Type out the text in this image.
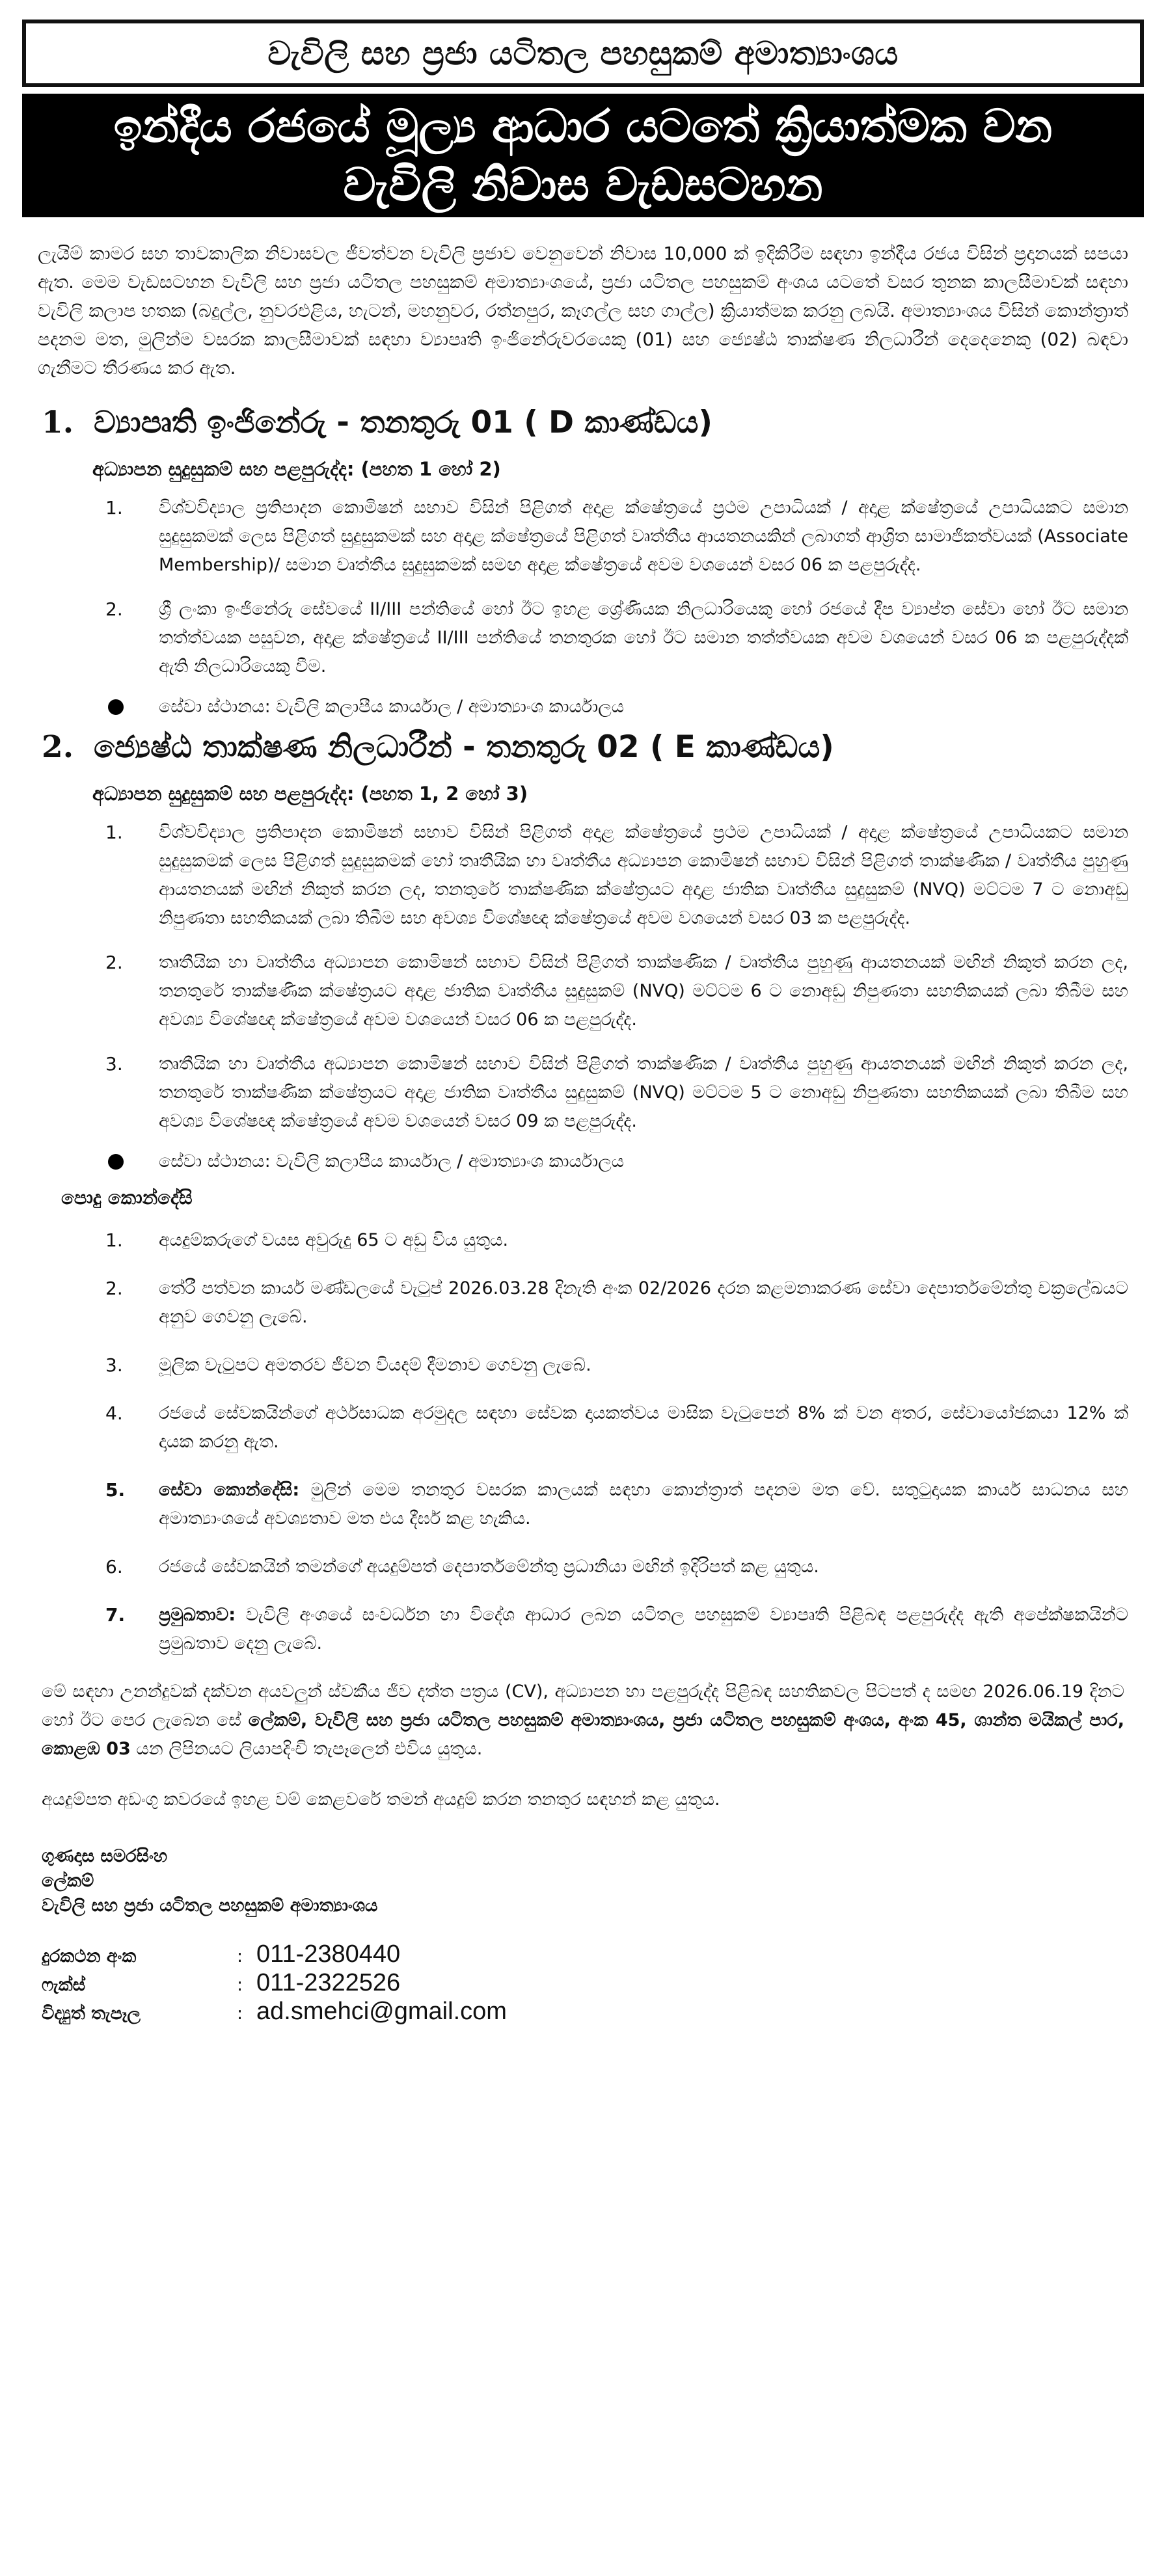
වැවිලි සහ ප්‍රජා යටිතල පහසුකම් අමාත්‍යාංශය
ඉන්දීය රජයේ මූල්‍ය ආධාර යටතේ ක්‍රියාත්මක වන
වැවිලි නිවාස වැඩසටහන
ලැයිම් කාමර සහ තාවකාලික නිවාසවල ජීවත්වන වැවිලි ප්‍රජාව වෙනුවෙන් නිවාස 10,000 ක් ඉදිකිරීම සඳහා ඉන්දීය රජය විසින් ප්‍රදානයක් සපයා ඇත. මෙම වැඩසටහන වැවිලි සහ ප්‍රජා යටිතල පහසුකම් අමාත්‍යාංශයේ, ප්‍රජා යටිතල පහසුකම් අංශය යටතේ වසර තුනක කාලසීමාවක් සඳහා වැවිලි කලාප හතක (බදුල්ල, නුවරඑළිය, හැටන්, මහනුවර, රත්නපුර, කෑගල්ල සහ ගාල්ල) ක්‍රියාත්මක කරනු ලබයි. අමාත්‍යාංශය විසින් කොන්ත්‍රාත් පදනම මත, මුලින්ම වසරක කාලසීමාවක් සඳහා ව්‍යාපෘති ඉංජිනේරුවරයෙකු (01) සහ ජ්‍යෙෂ්ඨ තාක්ෂණ නිලධාරීන් දෙදෙනෙකු (02) බඳවා ගැනීමට තීරණය කර ඇත.
1. ව්‍යාපෘති ඉංජිනේරු - තනතුරු 01 ( D කාණ්ඩය)
අධ්‍යාපන සුදුසුකම් සහ පළපුරුද්ද: (පහත 1 හෝ 2)
1.	විශ්වවිද්‍යාල ප්‍රතිපාදන කොමිෂන් සභාව විසින් පිළිගත් අදාළ ක්ෂේත්‍රයේ ප්‍රථම උපාධියක් / අදාළ ක්ෂේත්‍රයේ උපාධියකට සමාන සුදුසුකමක් ලෙස පිළිගත් සුදුසුකමක් සහ අදාළ ක්ෂේත්‍රයේ පිළිගත් වෘත්තීය ආයතනයකින් ලබාගත් ආශ්‍රිත සාමාජිකත්වයක් (Associate Membership)/ සමාන වෘත්තීය සුදුසුකමක් සමඟ අදාළ ක්ෂේත්‍රයේ අවම වශයෙන් වසර 06 ක පළපුරුද්ද.
2.	ශ්‍රී ලංකා ඉංජිනේරු සේවයේ II/III පන්තියේ හෝ ඊට ඉහළ ශ්‍රේණියක නිලධාරියෙකු හෝ රජයේ දීප ව්‍යාප්ත සේවා හෝ ඊට සමාන තත්ත්වයක පසුවන, අදාළ ක්ෂේත්‍රයේ II/III පන්තියේ තනතුරක හෝ ඊට සමාන තත්ත්වයක අවම වශයෙන් වසර 06 ක පළපුරුද්දක් ඇති නිලධාරියෙකු වීම.
සේවා ස්ථානය: වැවිලි කලාපීය කාර්යාල / අමාත්‍යාංශ කාර්යාලය
2. ජ්‍යෙෂ්ඨ තාක්ෂණ නිලධාරීන් - තනතුරු 02 ( E කාණ්ඩය)
අධ්‍යාපන සුදුසුකම් සහ පළපුරුද්ද: (පහත 1, 2 හෝ 3)
1.	විශ්වවිද්‍යාල ප්‍රතිපාදන කොමිෂන් සභාව විසින් පිළිගත් අදාළ ක්ෂේත්‍රයේ ප්‍රථම උපාධියක් / අදාළ ක්ෂේත්‍රයේ උපාධියකට සමාන සුදුසුකමක් ලෙස පිළිගත් සුදුසුකමක් හෝ තෘතීයික හා වෘත්තීය අධ්‍යාපන කොමිෂන් සභාව විසින් පිළිගත් තාක්ෂණික / වෘත්තීය පුහුණු ආයතනයක් මඟින් නිකුත් කරන ලද, තනතුරේ තාක්ෂණික ක්ෂේත්‍රයට අදාළ ජාතික වෘත්තීය සුදුසුකම් (NVQ) මට්ටම 7 ට නොඅඩු නිපුණතා සහතිකයක් ලබා තිබීම සහ අවශ්‍ය විශේෂඥ ක්ෂේත්‍රයේ අවම වශයෙන් වසර 03 ක පළපුරුද්ද.
2.	තෘතීයික හා වෘත්තීය අධ්‍යාපන කොමිෂන් සභාව විසින් පිළිගත් තාක්ෂණික / වෘත්තීය පුහුණු ආයතනයක් මඟින් නිකුත් කරන ලද, තනතුරේ තාක්ෂණික ක්ෂේත්‍රයට අදාළ ජාතික වෘත්තීය සුදුසුකම් (NVQ) මට්ටම 6 ට නොඅඩු නිපුණතා සහතිකයක් ලබා තිබීම සහ අවශ්‍ය විශේෂඥ ක්ෂේත්‍රයේ අවම වශයෙන් වසර 06 ක පළපුරුද්ද.
3.	තෘතීයික හා වෘත්තීය අධ්‍යාපන කොමිෂන් සභාව විසින් පිළිගත් තාක්ෂණික / වෘත්තීය පුහුණු ආයතනයක් මඟින් නිකුත් කරන ලද, තනතුරේ තාක්ෂණික ක්ෂේත්‍රයට අදාළ ජාතික වෘත්තීය සුදුසුකම් (NVQ) මට්ටම 5 ට නොඅඩු නිපුණතා සහතිකයක් ලබා තිබීම සහ අවශ්‍ය විශේෂඥ ක්ෂේත්‍රයේ අවම වශයෙන් වසර 09 ක පළපුරුද්ද.
සේවා ස්ථානය: වැවිලි කලාපීය කාර්යාල / අමාත්‍යාංශ කාර්යාලය
පොදු කොන්දේසි
1.	අයදුම්කරුගේ වයස අවුරුදු 65 ට අඩු විය යුතුය.
2.	තේරී පත්වන කාර්ය මණ්ඩලයේ වැටුප් 2026.03.28 දිනැති අංක 02/2026 දරන කළමනාකරණ සේවා දෙපාර්තමේන්තු චක්‍රලේඛයට අනුව ගෙවනු ලැබේ.
3.	මූලික වැටුපට අමතරව ජීවන වියදම් දීමනාව ගෙවනු ලැබේ.
4.	රජයේ සේවකයින්ගේ අර්ථසාධක අරමුදල සඳහා සේවක දායකත්වය මාසික වැටුපෙන් 8% ක් වන අතර, සේවායෝජකයා 12% ක් දායක කරනු ඇත.
5.	සේවා කොන්දේසි: මුලින් මෙම තනතුර වසරක කාලයක් සඳහා කොන්ත්‍රාත් පදනම මත වේ. සතුටුදායක කාර්ය සාධනය සහ අමාත්‍යාංශයේ අවශ්‍යතාව මත එය දීර්ඝ කළ හැකිය.
6.	රජයේ සේවකයින් තමන්ගේ අයදුම්පත් දෙපාර්තමේන්තු ප්‍රධානියා මඟින් ඉදිරිපත් කළ යුතුය.
7.	ප්‍රමුඛතාව: වැවිලි අංශයේ සංවර්ධන හා විදේශ ආධාර ලබන යටිතල පහසුකම් ව්‍යාපෘති පිළිබඳ පළපුරුද්ද ඇති අපේක්ෂකයින්ට ප්‍රමුඛතාව දෙනු ලැබේ.
මේ සඳහා උනන්දුවක් දක්වන අයවලුන් ස්වකීය ජීව දත්ත පත්‍රය (CV), අධ්‍යාපන හා පළපුරුද්ද පිළිබඳ සහතිකවල පිටපත් ද සමඟ 2026.06.19 දිනට හෝ ඊට පෙර ලැබෙන සේ ලේකම්, වැවිලි සහ ප්‍රජා යටිතල පහසුකම් අමාත්‍යාංශය, ප්‍රජා යටිතල පහසුකම් අංශය, අංක 45, ශාන්ත මයිකල් පාර, කොළඹ 03 යන ලිපිනයට ලියාපදිංචි තැපෑලෙන් එවිය යුතුය.
අයදුම්පත අඩංගු කවරයේ ඉහළ වම් කෙළවරේ තමන් අයදුම් කරන තනතුර සඳහන් කළ යුතුය.
ගුණදාස සමරසිංහ
ලේකම්
වැවිලි සහ ප්‍රජා යටිතල පහසුකම් අමාත්‍යාංශය
දුරකථන අංක	: 011-2380440
ෆැක්ස්	: 011-2322526
විද්‍යුත් තැපෑල	: ad.smehci@gmail.com
